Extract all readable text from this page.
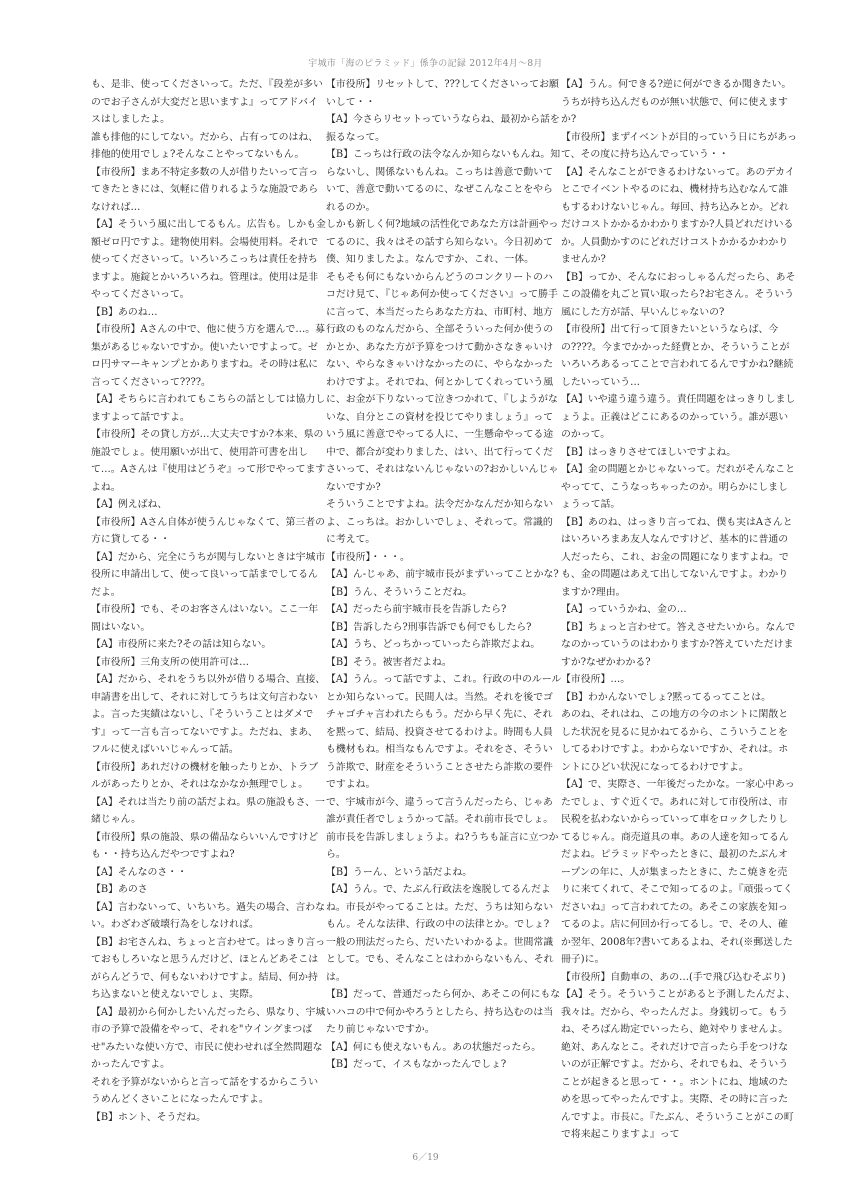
宇城市「海のピラミッド」係争の記録 2012年4月～8月

も、是非、使ってくださいって。ただ、『段差が多いのでお子さんが大変だと思いますよ』ってアドバイスはしましたよ。

誰も排他的にしてない。だから、占有ってのはね、排他的使用でしょ?そんなことやってないもん。

【市役所】まあ不特定多数の人が借りたいって言ってきたときには、気軽に借りれるような施設であらなければ…

【A】そういう風に出してるもん。広告も。しかも金額ゼロ円ですよ。建物使用料。会場使用料。それで使ってくださいって。いろいろこっちは責任を持ちますよ。施錠とかいろいろね。管理は。使用は是非やってくださいって。

【B】あのね…

【市役所】Aさんの中で、他に使う方を選んで…。募集があるじゃないですか。使いたいですよって。ゼロ円サマーキャンプとかありますね。その時は私に言ってくださいって????。

【A】そちらに言われてもこちらの話としては協力しますよって話ですよ。

【市役所】その貸し方が…大丈夫ですか?本来、県の施設でしょ。使用願いが出て、使用許可書を出して…。Aさんは『使用はどうぞ』って形でやってますよね。

【A】例えばね、

【市役所】Aさん自体が使うんじゃなくて、第三者の方に貸してる・・

【A】だから、完全にうちが関与しないときは宇城市役所に申請出して、使って良いって話までしてるんだよ。

【市役所】でも、そのお客さんはいない。ここ一年間はいない。

【A】市役所に来た?その話は知らない。

【市役所】三角支所の使用許可は…

【A】だから、それをうち以外が借りる場合、直接、申請書を出して、それに対してうちは文句言わないよ。言った実績はないし、『そういうことはダメです』って一言も言ってないですよ。ただね、まあ、フルに使えばいいじゃんって話。

【市役所】あれだけの機材を触ったりとか、トラブルがあったりとか、それはなかなか無理でしょ。

【A】それは当たり前の話だよね。県の施設もさ、一緒じゃん。

【市役所】県の施設、県の備品ならいいんですけども・・持ち込んだやつですよね?

【A】そんなのさ・・

【B】あのさ

【A】言わないって、いちいち。過失の場合、言わない。わざわざ破壊行為をしなければ。

【B】お宅さんね、ちょっと言わせて。はっきり言っておもしろいなと思うんだけど、ほとんどあそこはがらんどうで、何もないわけですよ。結局、何か持ち込まないと使えないでしょ、実際。

【A】最初から何かしたいんだったら、県なり、宇城市の予算で設備をやって、それを"ウイングまつばせ"みたいな使い方で、市民に使わせれば全然問題なかったんですよ。

それを予算がないからと言って話をするからこういうめんどくさいことになったんですよ。

【B】ホント、そうだね。

【市役所】リセットして、???してくださいってお願いして・・

【A】今さらリセットっていうならね、最初から話を振るなって。

【B】こっちは行政の法令なんか知らないもんね。知らないし、関係ないもんね。こっちは善意で動いていて、善意で動いてるのに、なぜこんなことをやられるのか。

しかも新しく何?地域の活性化であなた方は計画やってるのに、我々はその話すら知らない。今日初めて僕、知りましたよ。なんですか、これ、一体。

そもそも何にもないからんどうのコンクリートのハコだけ見て、『じゃあ何か使ってください』って勝手に言って、本当だったらあなた方ね、市町村、地方行政のものなんだから、全部そういった何か使うのかとか、あなた方が予算をつけて動かさなきゃいけない、やらなきゃいけなかったのに、やらなかったわけですよ。それでね、何とかしてくれっていう風に、お金が下りないって泣きつかれて、『しようがないな、自分とこの資材を投じてやりましょう』っていう風に善意でやってる人に、一生懸命やってる途中で、都合が変わりました、はい、出て行ってくださいって、それはないんじゃないの?おかしいんじゃないですか?

そういうことですよね。法令だかなんだか知らないよ、こっちは。おかしいでしょ、それって。常識的に考えて。

【市役所】・・・。

【A】ん-じゃあ、前宇城市長がまずいってことかな?

【B】うん、そういうことだね。

【A】だったら前宇城市長を告訴したら?

【B】告訴したら?刑事告訴でも何でもしたら?

【A】うち、どっちかっていったら詐欺だよね。

【B】そう。被害者だよね。

【A】うん。って話ですよ、これ。行政の中のルールとか知らないって。民間人は。当然。それを後でゴチャゴチャ言われたらもう。だから早く先に、それを黙って、結局、投資させてるわけよ。時間も人員も機材もね。相当なもんですよ。それをさ、そういう詐欺で、財産をそういうことさせたら詐欺の要件ですよね。

で、宇城市が今、違うって言うんだったら、じゃあ誰が責任者でしょうかって話。それ前市長でしょ。前市長を告訴しましょうよ。ね?うちも証言に立つから。

【B】うーん、という話だよね。

【A】うん。で、たぶん行政法を逸脱してるんだよね。市長がやってることは。ただ、うちは知らないもん。そんな法律、行政の中の法律とか。でしょ?

一般の刑法だったら、だいたいわかるよ。世間常識として。でも、そんなことはわからないもん、それは。

【B】だって、普通だったら何か、あそこの何にもないハコの中で何かやろうとしたら、持ち込むのは当たり前じゃないですか。

【A】何にも使えないもん。あの状態だったら。

【B】だって、イスもなかったんでしょ?

【A】うん。何できる?逆に何ができるか聞きたい。うちが持ち込んだものが無い状態で、何に使えますか?

【市役所】まずイベントが目的っていう日にちがあって、その度に持ち込んでっていう・・

【A】そんなことができるわけないって。あのデカイとこでイベントやるのにね、機材持ち込むなんて誰もするわけないじゃん。毎回、持ち込みとか。どれだけコストかかるかわかりますか?人員どれだけいるか。人員動かすのにどれだけコストかかるかわかりませんか?

【B】ってか、そんなにおっしゃるんだったら、あそこの設備を丸ごと買い取ったら?お宅さん。そういう風にした方が話、早いんじゃないの?

【市役所】出て行って頂きたいというならば、今の????。今までかかった経費とか、そういうことがいろいろあるってことで言われてるんですかね?継続したいっていう…

【A】いや違う違う違う。責任問題をはっきりしましょうよ。正義はどこにあるのかっていう。誰が悪いのかって。

【B】はっきりさせてほしいですよね。

【A】金の問題とかじゃないって。だれがそんなことやってて、こうなっちゃったのか。明らかにしましょうって話。

【B】あのね、はっきり言ってね、僕も実はAさんとはいろいろまあ友人なんですけど、基本的に普通の人だったら、これ、お金の問題になりますよね。でも、金の問題はあえて出してないんですよ。わかりますか?理由。

【A】っていうかね、金の…

【B】ちょっと言わせて。答えさせたいから。なんでなのかっていうのはわかりますか?答えていただけますか?なぜかわかる?

【市役所】…。

【B】わかんないでしょ?黙ってるってことは。

あのね、それはね、この地方の今のホントに閑散とした状況を見るに見かねてるから、こういうことをしてるわけですよ。わからないですか、それは。ホントにひどい状況になってるわけですよ。

【A】で、実際さ、一年後だったかな。一家心中あったでしょ、すぐ近くで。あれに対して市役所は、市民税を払わないからっていって車をロックしたりしてるじゃん。商売道具の車。あの人達を知ってるんだよね。ピラミッドやったときに、最初のたぶんオープンの年に、人が集まったときに、たこ焼きを売りに来てくれて、そこで知ってるのよ。『頑張ってくださいね』って言われてたの。あそこの家族を知ってるのよ。店に何回か行ってるし。で、その人、確か翌年、2008年?書いてあるよね、それ(※郵送した冊子)に。

【市役所】自動車の、あの…(手で飛び込むそぶり)

【A】そう。そういうことがあると予測したんだよ、我々は。だから、やったんだよ。身銭切って。もうね、そろばん勘定でいったら、絶対やりませんよ。絶対、あんなとこ。それだけで言ったら手をつけないのが正解ですよ。だから、それでもね、そういうことが起きると思って・・。ホントにね、地域のためを思ってやったんですよ。実際、その時に言ったんですよ。市長に。『たぶん、そういうことがこの町で将来起こりますよ』って

6／19
